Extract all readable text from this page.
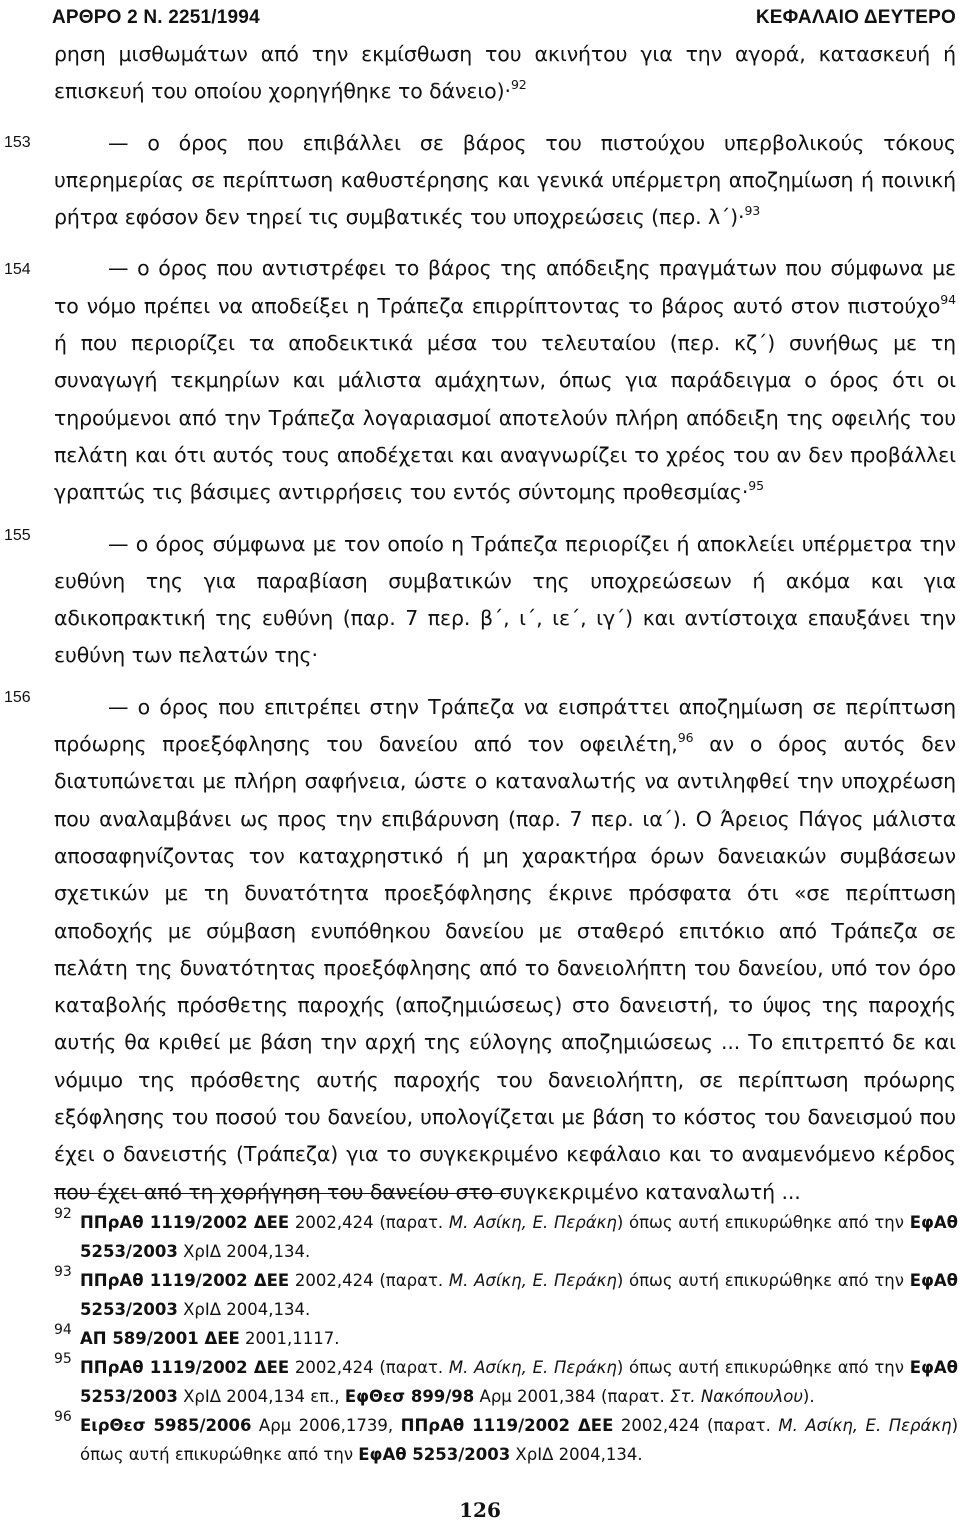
ΑΡΘΡΟ 2 Ν. 2251/1994	ΚΕΦΑΛΑΙΟ ΔΕΥΤΕΡΟ
153
154
155
156

ρηση μισθωμάτων από την εκμίσθωση του ακινήτου για την αγορά, κατασκευή ή επισκευή του οποίου χορηγήθηκε το δάνειο)·$^{92}$

— ο όρος που επιβάλλει σε βάρος του πιστούχου υπερβολικούς τόκους υπερημερίας σε περίπτωση καθυστέρησης και γενικά υπέρμετρη αποζημίωση ή ποινική ρήτρα εφόσον δεν τηρεί τις συμβατικές του υποχρεώσεις (περ. λ΄)·$^{93}$

— ο όρος που αντιστρέφει το βάρος της απόδειξης πραγμάτων που σύμφωνα με το νόμο πρέπει να αποδείξει η Τράπεζα επιρρίπτοντας το βάρος αυτό στον πιστούχο$^{94}$ ή που περιορίζει τα αποδεικτικά μέσα του τελευταίου (περ. κζ΄) συνήθως με τη συναγωγή τεκμηρίων και μάλιστα αμάχητων, όπως για παράδειγμα ο όρος ότι οι τηρούμενοι από την Τράπεζα λογαριασμοί αποτελούν πλήρη απόδειξη της οφειλής του πελάτη και ότι αυτός τους αποδέχεται και αναγνωρίζει το χρέος του αν δεν προβάλλει γραπτώς τις βάσιμες αντιρρήσεις του εντός σύντομης προθεσμίας·$^{95}$

— ο όρος σύμφωνα με τον οποίο η Τράπεζα περιορίζει ή αποκλείει υπέρμετρα την ευθύνη της για παραβίαση συμβατικών της υποχρεώσεων ή ακόμα και για αδικοπρακτική της ευθύνη (παρ. 7 περ. β΄, ι΄, ιε΄, ιγ΄) και αντίστοιχα επαυξάνει την ευθύνη των πελατών της·

— ο όρος που επιτρέπει στην Τράπεζα να εισπράττει αποζημίωση σε περίπτωση πρόωρης προεξόφλησης του δανείου από τον οφειλέτη,$^{96}$ αν ο όρος αυτός δεν διατυπώνεται με πλήρη σαφήνεια, ώστε ο καταναλωτής να αντιληφθεί την υποχρέωση που αναλαμβάνει ως προς την επιβάρυνση (παρ. 7 περ. ια΄). Ο Άρειος Πάγος μάλιστα αποσαφηνίζοντας τον καταχρηστικό ή μη χαρακτήρα όρων δανειακών συμβάσεων σχετικών με τη δυνατότητα προεξόφλησης έκρινε πρόσφατα ότι «σε περίπτωση αποδοχής με σύμβαση ενυπόθηκου δανείου με σταθερό επιτόκιο από Τράπεζα σε πελάτη της δυνατότητας προεξόφλησης από το δανειολήπτη του δανείου, υπό τον όρο καταβολής πρόσθετης παροχής (αποζημιώσεως) στο δανειστή, το ύψος της παροχής αυτής θα κριθεί με βάση την αρχή της εύλογης αποζημιώσεως ... Το επιτρεπτό δε και νόμιμο της πρόσθετης αυτής παροχής του δανειολήπτη, σε περίπτωση πρόωρης εξόφλησης του ποσού του δανείου, υπολογίζεται με βάση το κόστος του δανεισμού που έχει ο δανειστής (Τράπεζα) για το συγκεκριμένο κεφάλαιο και το αναμενόμενο κέρδος που έχει από τη χορήγηση του δανείου στο συγκεκριμένο καταναλωτή ...

92 ΠΠρΑθ 1119/2002 ΔΕΕ 2002,424 (παρατ. Μ. Ασίκη, Ε. Περάκη) όπως αυτή επικυρώθηκε από την ΕφΑθ 5253/2003 ΧρΙΔ 2004,134.
93 ΠΠρΑθ 1119/2002 ΔΕΕ 2002,424 (παρατ. Μ. Ασίκη, Ε. Περάκη) όπως αυτή επικυρώθηκε από την ΕφΑθ 5253/2003 ΧρΙΔ 2004,134.
94 ΑΠ 589/2001 ΔΕΕ 2001,1117.
95 ΠΠρΑθ 1119/2002 ΔΕΕ 2002,424 (παρατ. Μ. Ασίκη, Ε. Περάκη) όπως αυτή επικυρώθηκε από την ΕφΑθ 5253/2003 ΧρΙΔ 2004,134 επ., ΕφΘεσ 899/98 Αρμ 2001,384 (παρατ. Στ. Νακόπουλου).
96 ΕιρΘεσ 5985/2006 Αρμ 2006,1739, ΠΠρΑθ 1119/2002 ΔΕΕ 2002,424 (παρατ. Μ. Ασίκη, Ε. Περάκη) όπως αυτή επικυρώθηκε από την ΕφΑθ 5253/2003 ΧρΙΔ 2004,134.
126
